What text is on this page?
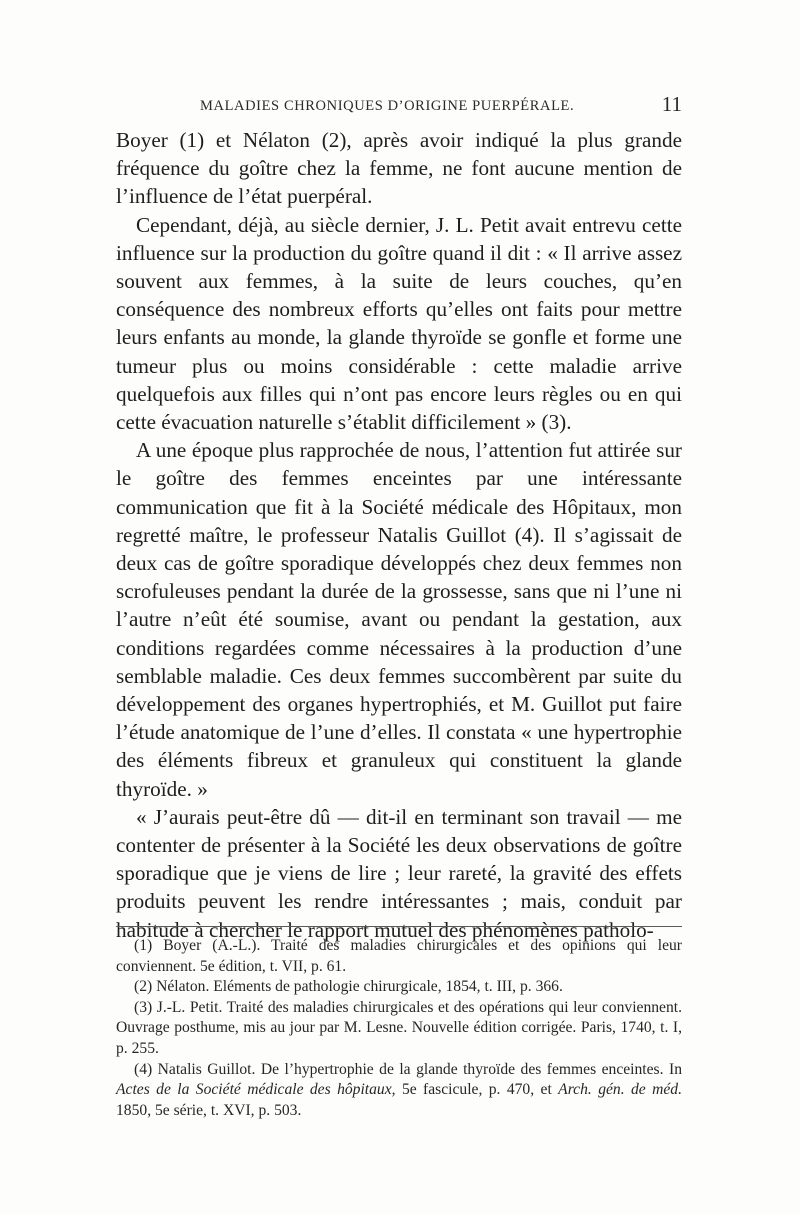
MALADIES CHRONIQUES D’ORIGINE PUERPÉRALE.	11

Boyer (1) et Nélaton (2), après avoir indiqué la plus grande fréquence du goître chez la femme, ne font aucune mention de l’influence de l’état puerpéral.

Cependant, déjà, au siècle dernier, J. L. Petit avait entrevu cette influence sur la production du goître quand il dit : « Il arrive assez souvent aux femmes, à la suite de leurs couches, qu’en conséquence des nombreux efforts qu’elles ont faits pour mettre leurs enfants au monde, la glande thyroïde se gonfle et forme une tumeur plus ou moins considérable : cette maladie arrive quelquefois aux filles qui n’ont pas encore leurs règles ou en qui cette évacuation naturelle s’établit difficilement » (3).

A une époque plus rapprochée de nous, l’attention fut attirée sur le goître des femmes enceintes par une intéressante communication que fit à la Société médicale des Hôpitaux, mon regretté maître, le professeur Natalis Guillot (4). Il s’agissait de deux cas de goître sporadique développés chez deux femmes non scrofuleuses pendant la durée de la grossesse, sans que ni l’une ni l’autre n’eût été soumise, avant ou pendant la gestation, aux conditions regardées comme nécessaires à la production d’une semblable maladie. Ces deux femmes succombèrent par suite du développement des organes hypertrophiés, et M. Guillot put faire l’étude anatomique de l’une d’elles. Il constata « une hypertrophie des éléments fibreux et granuleux qui constituent la glande thyroïde. »

« J’aurais peut-être dû — dit-il en terminant son travail — me contenter de présenter à la Société les deux observations de goître sporadique que je viens de lire ; leur rareté, la gravité des effets produits peuvent les rendre intéressantes ; mais, conduit par habitude à chercher le rapport mutuel des phénomènes patholo-

(1) Boyer (A.-L.). Traité des maladies chirurgicales et des opinions qui leur conviennent. 5e édition, t. VII, p. 61.

(2) Nélaton. Eléments de pathologie chirurgicale, 1854, t. III, p. 366.

(3) J.-L. Petit. Traité des maladies chirurgicales et des opérations qui leur conviennent. Ouvrage posthume, mis au jour par M. Lesne. Nouvelle édition corrigée. Paris, 1740, t. I, p. 255.

(4) Natalis Guillot. De l’hypertrophie de la glande thyroïde des femmes enceintes. In Actes de la Société médicale des hôpitaux, 5e fascicule, p. 470, et Arch. gén. de méd. 1850, 5e série, t. XVI, p. 503.
